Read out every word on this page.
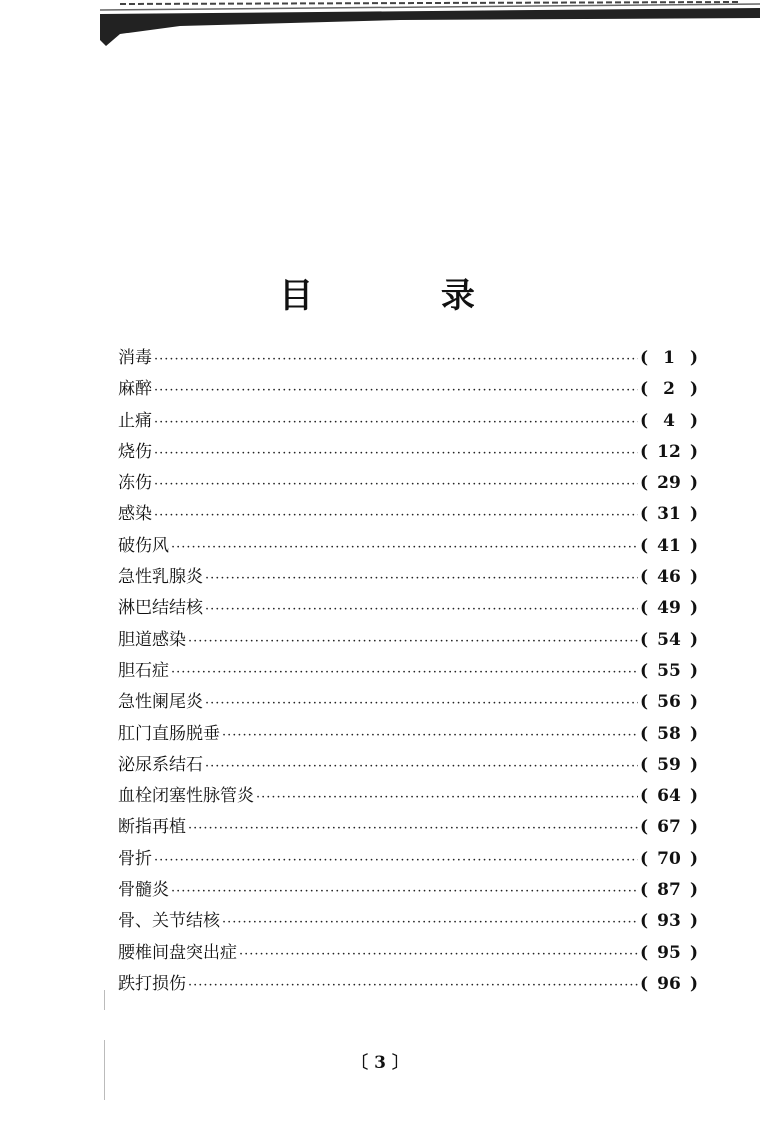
目 录
消毒 ·····	( 1 )
麻醉 ·····	( 2 )
止痛 ·····	( 4 )
烧伤 ·····	( 12 )
冻伤 ·····	( 29 )
感染 ·····	( 31 )
破伤风 ·····	( 41 )
急性乳腺炎 ·····	( 46 )
淋巴结结核 ·····	( 49 )
胆道感染 ·····	( 54 )
胆石症 ·····	( 55 )
急性阑尾炎 ·····	( 56 )
肛门直肠脱垂 ·····	( 58 )
泌尿系结石 ·····	( 59 )
血栓闭塞性脉管炎 ·····	( 64 )
断指再植 ·····	( 67 )
骨折 ·····	( 70 )
骨髓炎 ·····	( 87 )
骨、关节结核 ·····	( 93 )
腰椎间盘突出症 ·····	( 95 )
跌打损伤 ·····	( 96 )

〔 3 〕
